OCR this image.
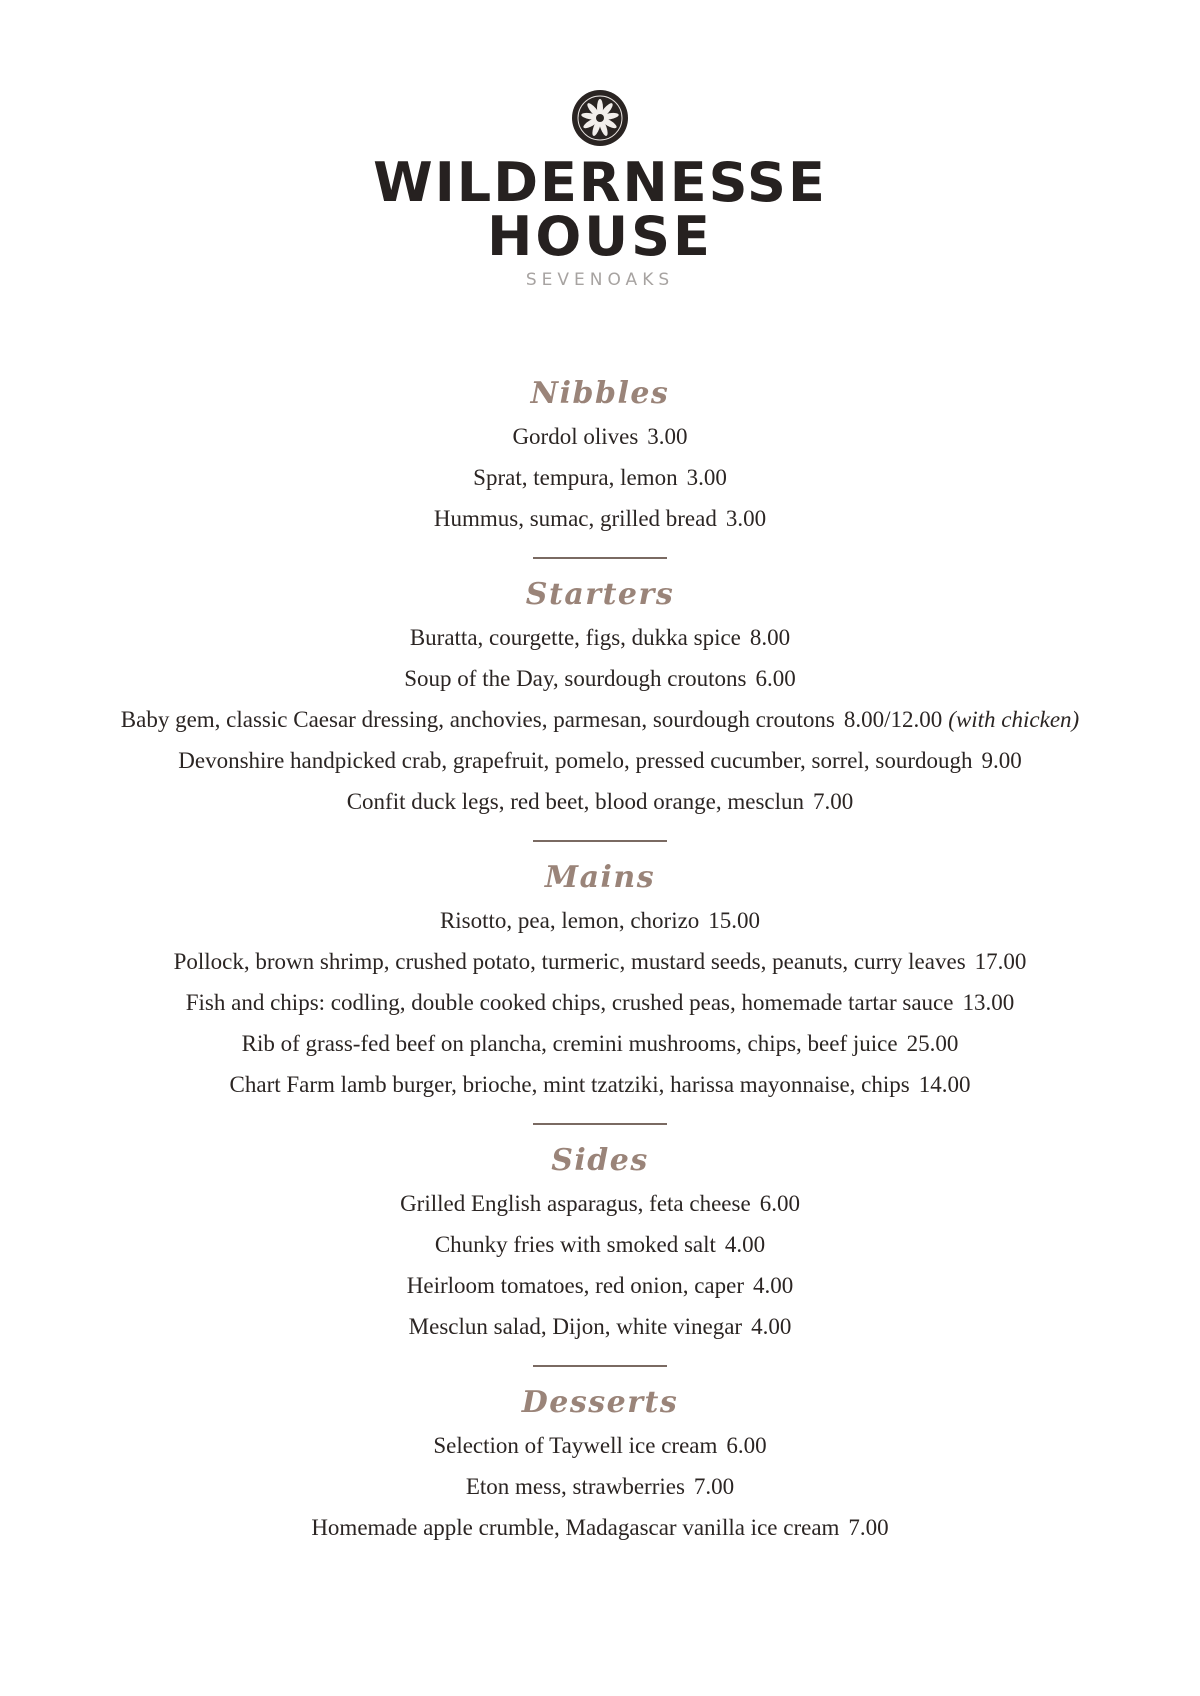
WILDERNESSE
HOUSE
SEVENOAKS
Nibbles
Gordol olives 3.00
Sprat, tempura, lemon 3.00
Hummus, sumac, grilled bread 3.00
Starters
Buratta, courgette, figs, dukka spice 8.00
Soup of the Day, sourdough croutons 6.00
Baby gem, classic Caesar dressing, anchovies, parmesan, sourdough croutons 8.00/12.00 (with chicken)
Devonshire handpicked crab, grapefruit, pomelo, pressed cucumber, sorrel, sourdough 9.00
Confit duck legs, red beet, blood orange, mesclun 7.00
Mains
Risotto, pea, lemon, chorizo 15.00
Pollock, brown shrimp, crushed potato, turmeric, mustard seeds, peanuts, curry leaves 17.00
Fish and chips: codling, double cooked chips, crushed peas, homemade tartar sauce 13.00
Rib of grass-fed beef on plancha, cremini mushrooms, chips, beef juice 25.00
Chart Farm lamb burger, brioche, mint tzatziki, harissa mayonnaise, chips 14.00
Sides
Grilled English asparagus, feta cheese 6.00
Chunky fries with smoked salt 4.00
Heirloom tomatoes, red onion, caper 4.00
Mesclun salad, Dijon, white vinegar 4.00
Desserts
Selection of Taywell ice cream 6.00
Eton mess, strawberries 7.00
Homemade apple crumble, Madagascar vanilla ice cream 7.00
